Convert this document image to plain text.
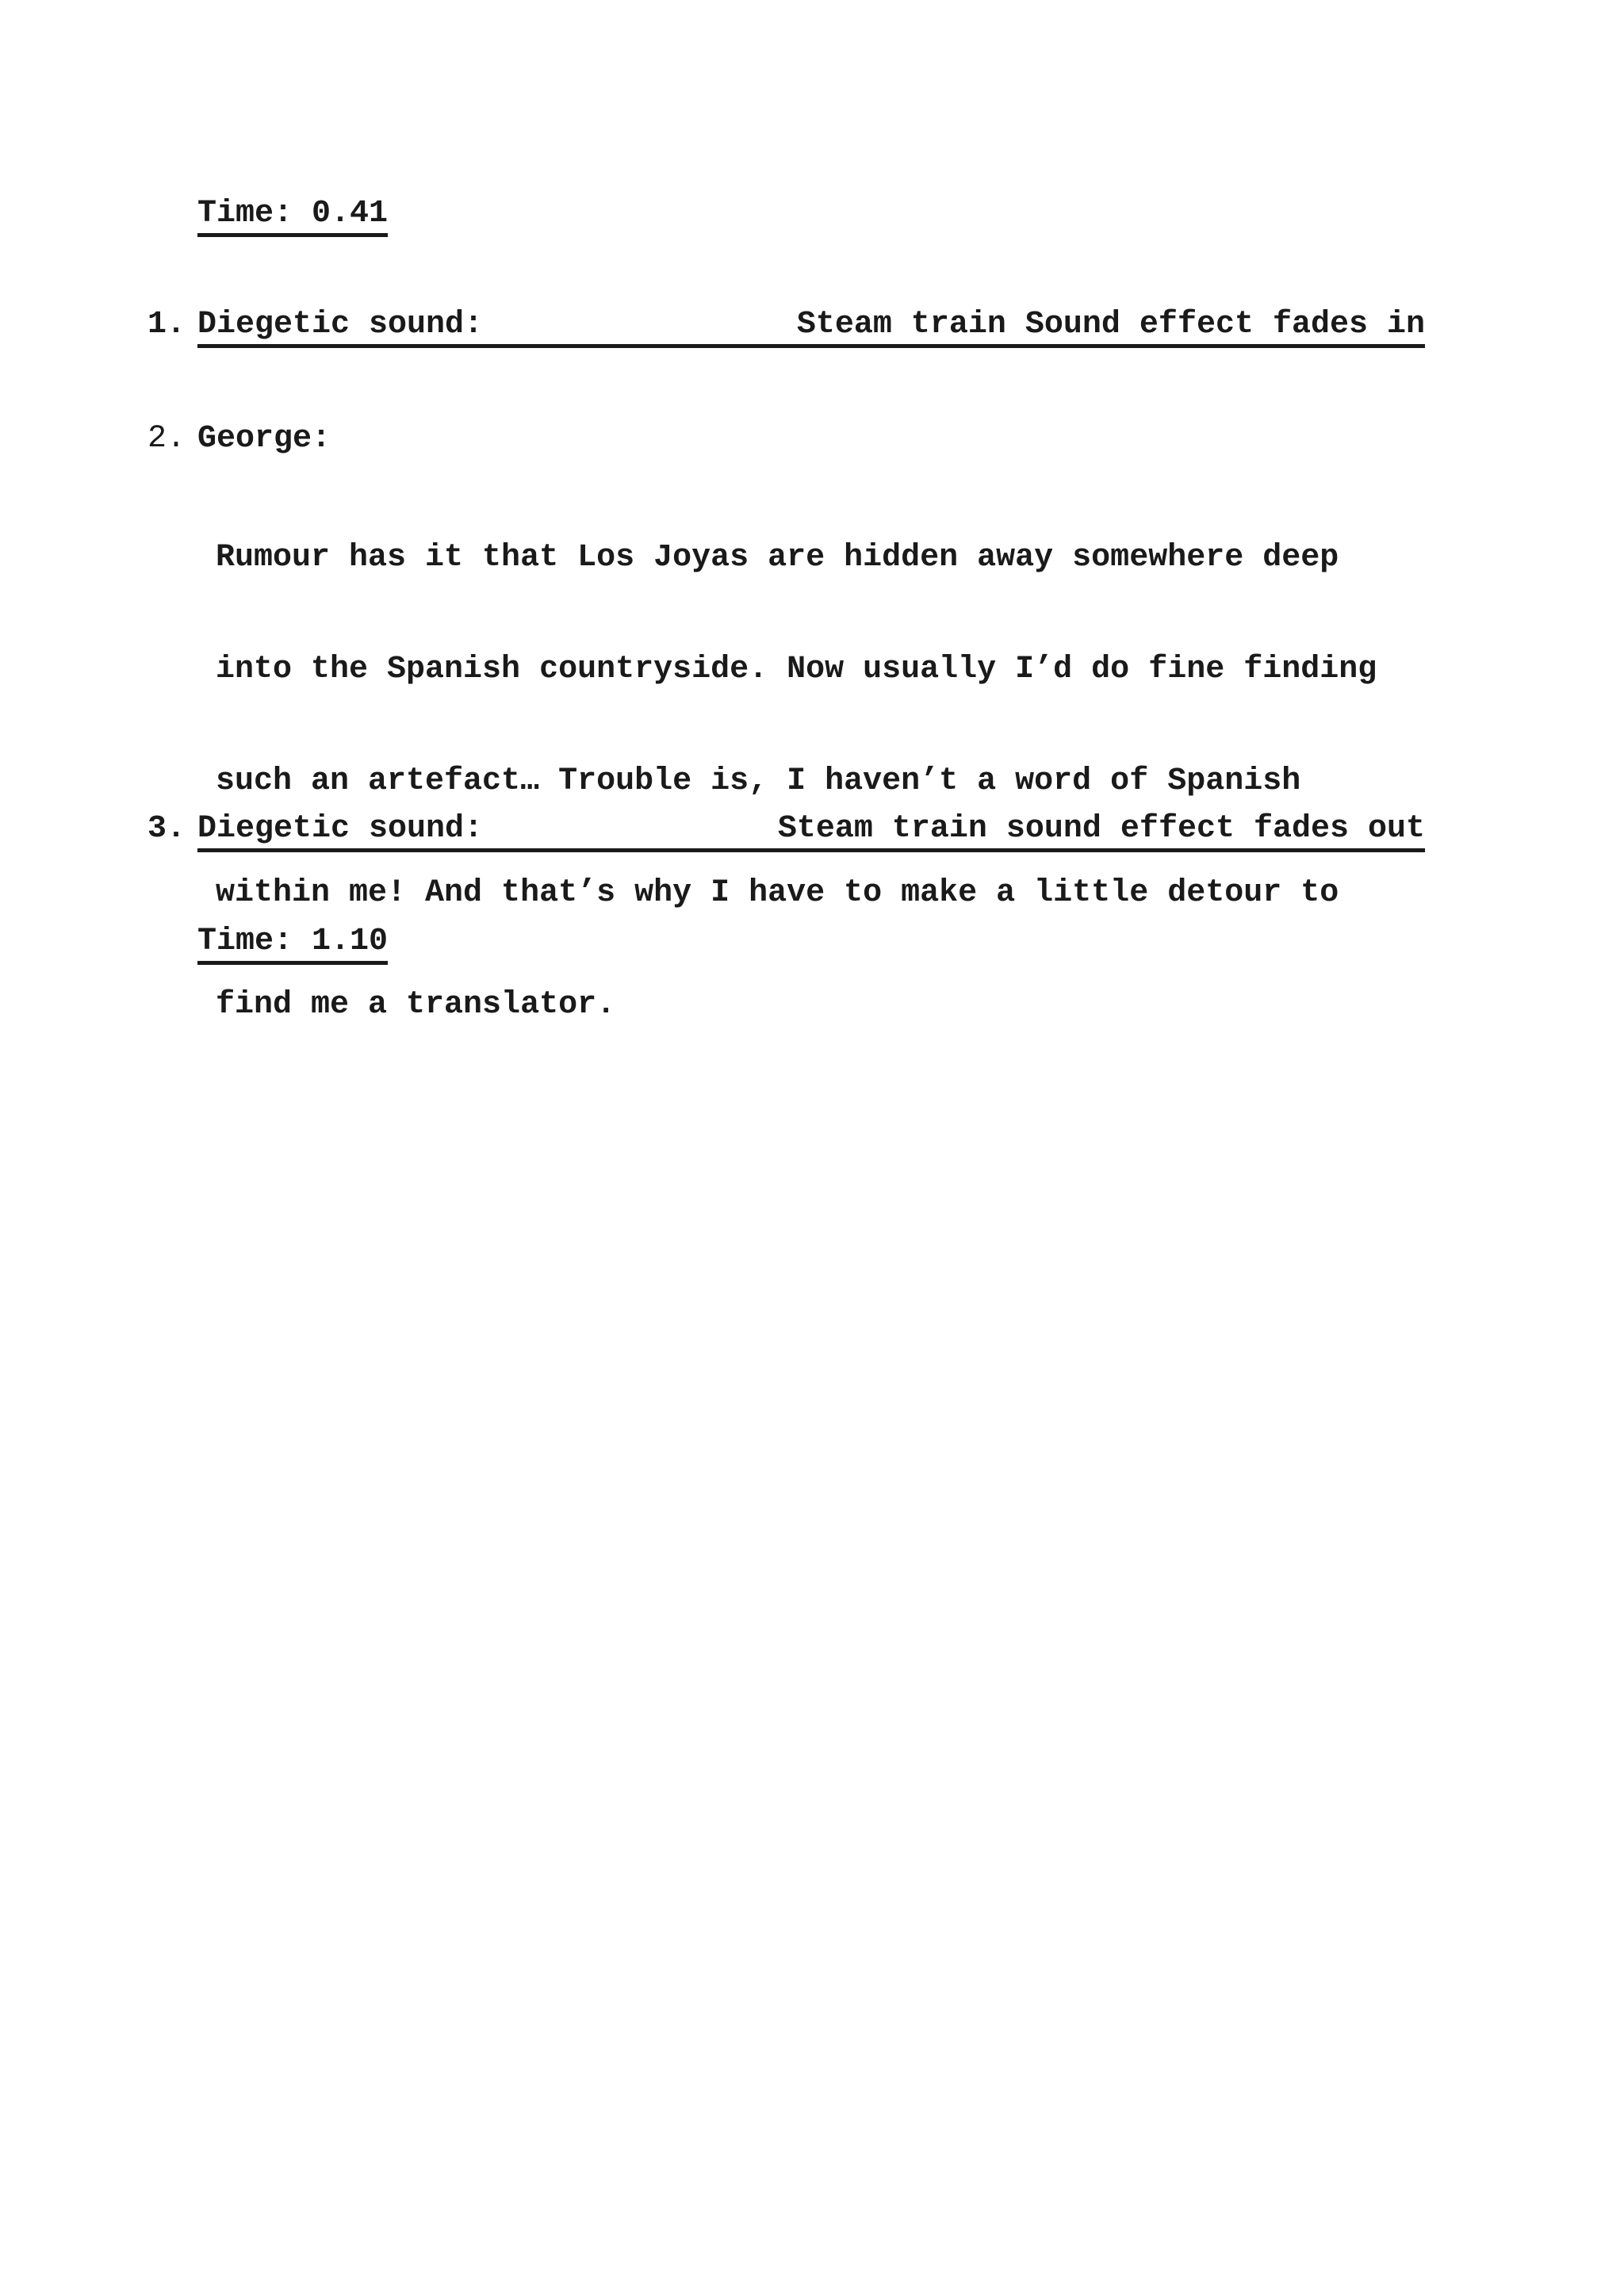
Time: 0.41
1. Diegetic sound:	Steam train Sound effect fades in
2. George:

Rumour has it that Los Joyas are hidden away somewhere deep

into the Spanish countryside. Now usually I’d do fine finding

such an artefact… Trouble is, I haven’t a word of Spanish

within me! And that’s why I have to make a little detour to

find me a translator.

3. Diegetic sound:	Steam train sound effect fades out
Time: 1.10
